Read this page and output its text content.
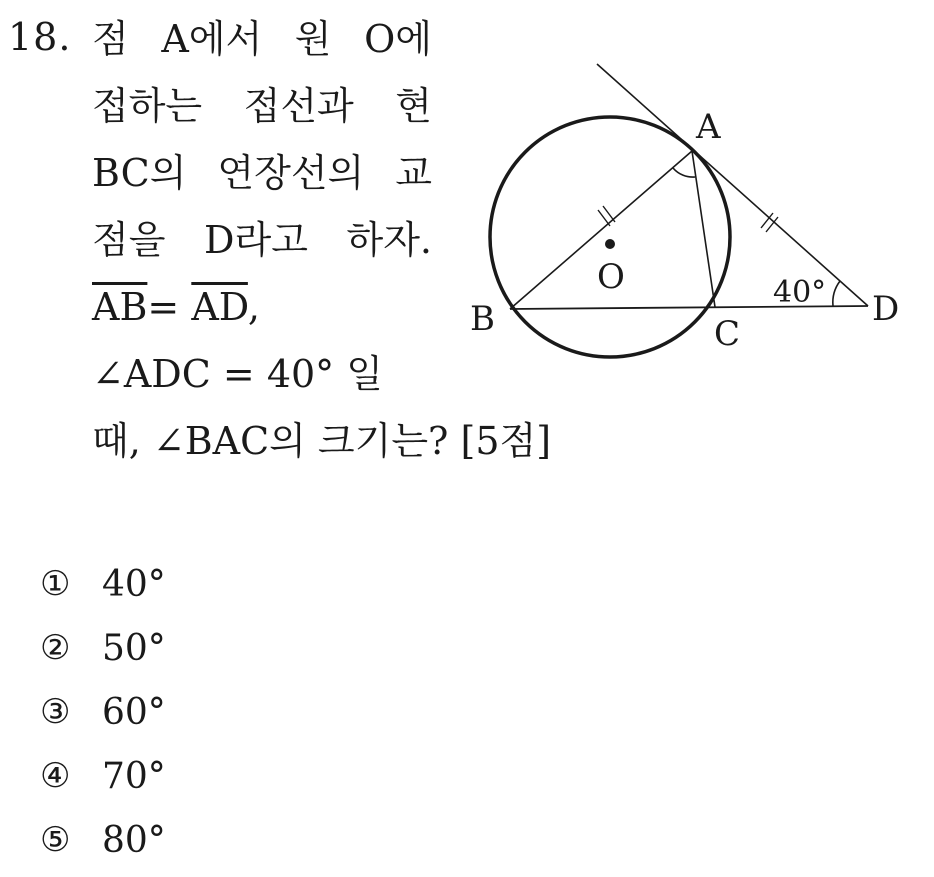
18. 점 A에서 원 O에
접하는 접선과 현
BC의 연장선의 교
점을 D라고 하자.
$\overline{AB}= \overline{AD}$,
∠ADC = 40° 일
때, ∠BAC의 크기는? [5점]
A
B	C
D
O	40°
① 40°
② 50°
③ 60°
④ 70°
⑤ 80°
